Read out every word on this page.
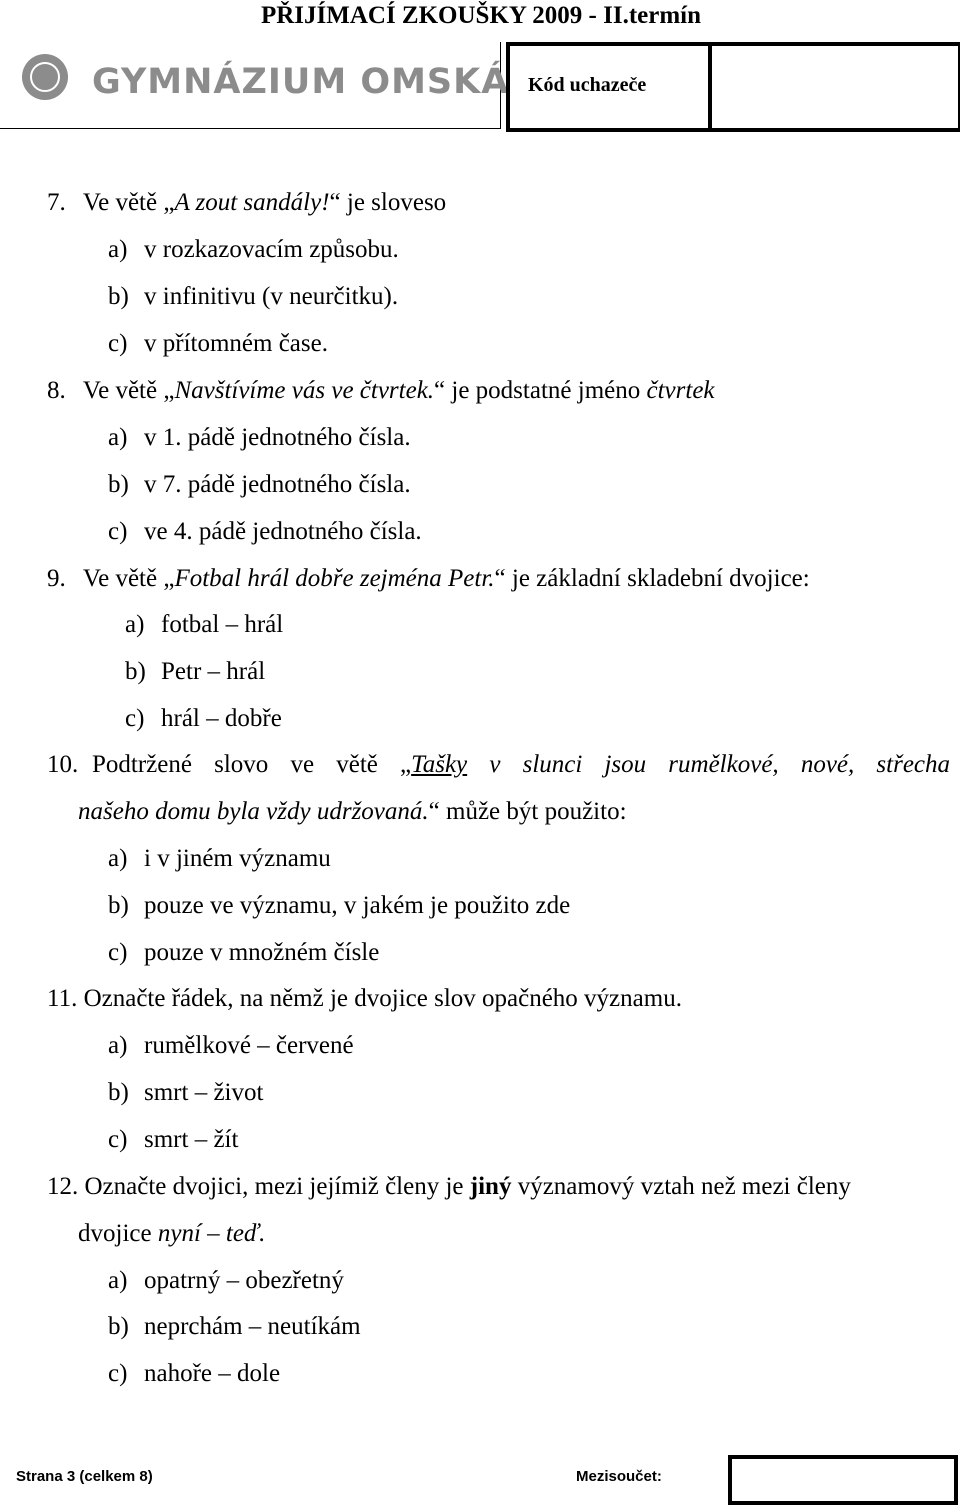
PŘIJÍMACÍ ZKOUŠKY 2009 - II.termín
GYMNÁZIUM OMSKÁ Kód uchazeče
7. Ve větě „A zout sandály!“ je sloveso
a) v rozkazovacím způsobu.
b) v infinitivu (v neurčitku).
c) v přítomném čase.
8. Ve větě „Navštívíme vás ve čtvrtek.“ je podstatné jméno čtvrtek
a) v 1. pádě jednotného čísla.
b) v 7. pádě jednotného čísla.
c) ve 4. pádě jednotného čísla.
9. Ve větě „Fotbal hrál dobře zejména Petr.“ je základní skladební dvojice:
a) fotbal – hrál
b) Petr – hrál
c) hrál – dobře
10. Podtržené slovo ve větě „Tašky v slunci jsou rumělkové, nové, střecha
našeho domu byla vždy udržovaná.“ může být použito:
a) i v jiném významu
b) pouze ve významu, v jakém je použito zde
c) pouze v množném čísle
11. Označte řádek, na němž je dvojice slov opačného významu.
a) rumělkové – červené
b) smrt – život
c) smrt – žít
12. Označte dvojici, mezi jejímiž členy je jiný významový vztah než mezi členy
dvojice nyní – teď.
a) opatrný – obezřetný
b) neprchám – neutíkám
c) nahoře – dole
Strana 3 (celkem 8)	Mezisoučet:
